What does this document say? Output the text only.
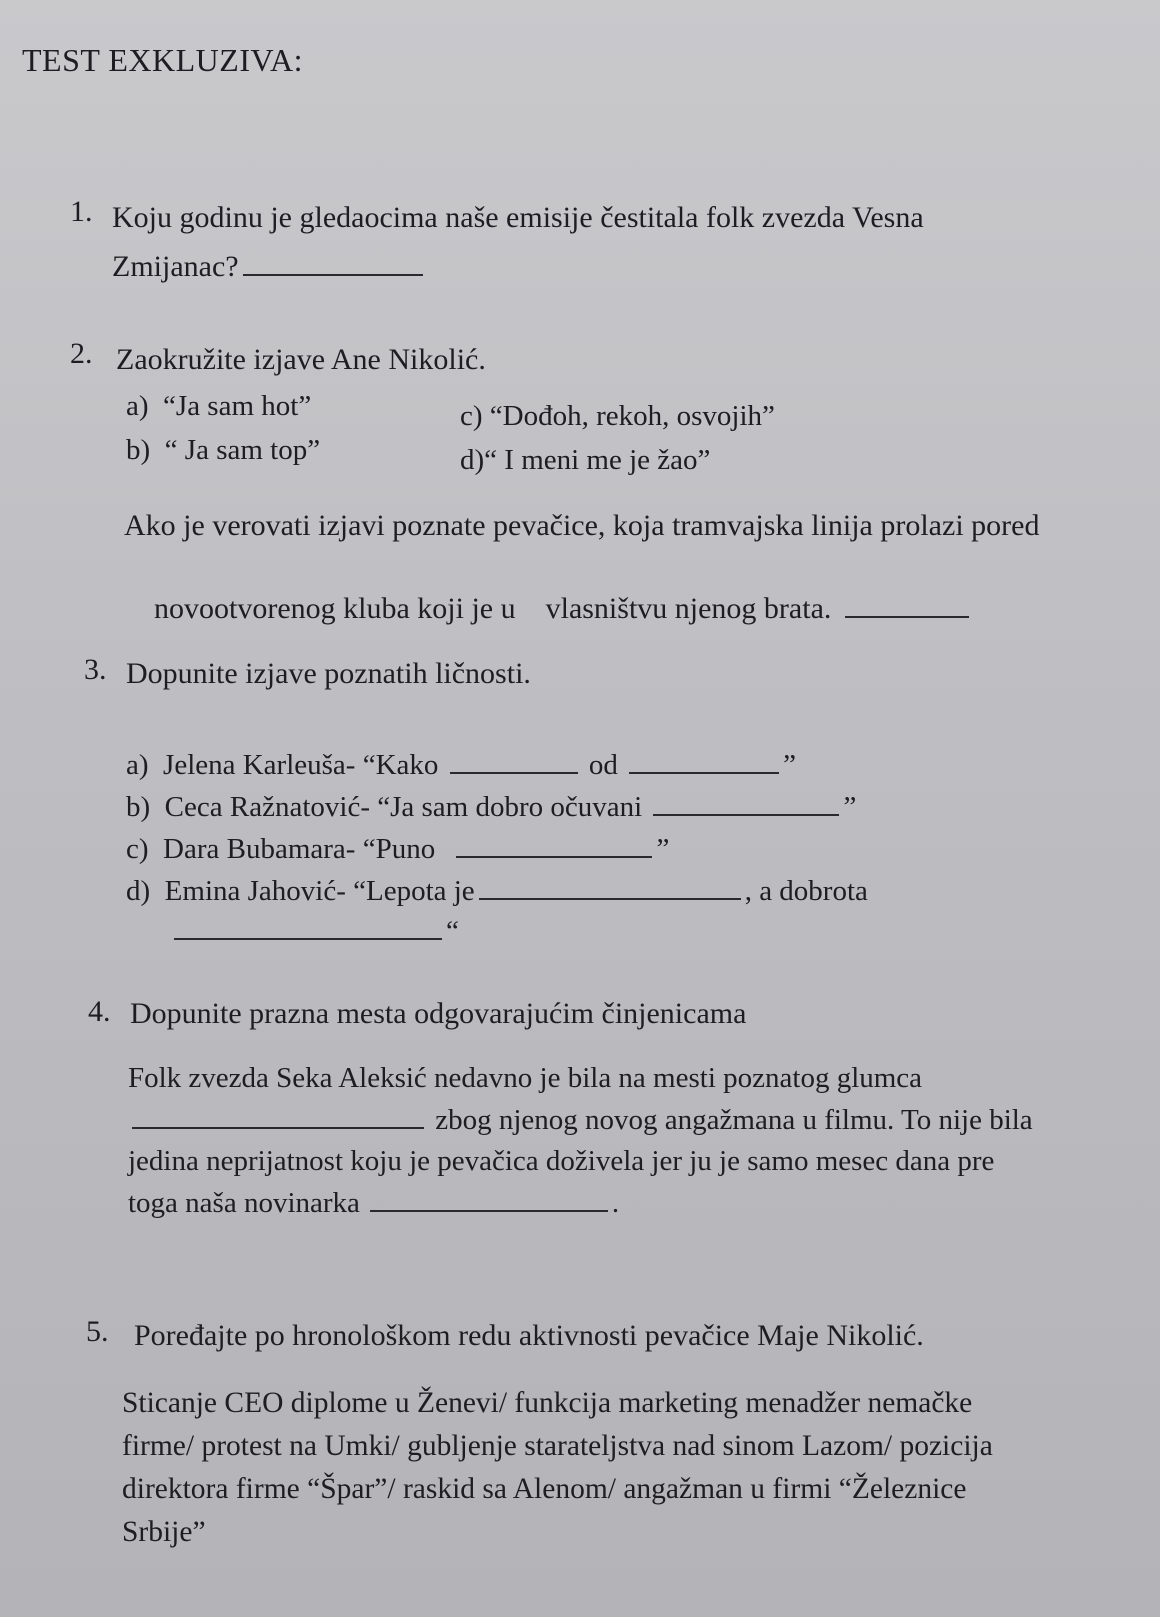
TEST EXKLUZIVA:
1. Koju godinu je gledaocima naše emisije čestitala folk zvezda Vesna
Zmijanac?
2. Zaokružite izjave Ane Nikolić.
a) “Ja sam hot”
b) “ Ja sam top”
c) “Dođoh, rekoh, osvojih”
d)“ I meni me je žao”
Ako je verovati izjavi poznate pevačice, koja tramvajska linija prolazi pored

novootvorenog kluba koji je u    vlasništvu njenog brata.

3. Dopunite izjave poznatih ličnosti.
a) Jelena Karleuša- “Kako	od	”
b) Ceca Ražnatović- “Ja sam dobro očuvani	”
c) Dara Bubamara- “Puno	”
d) Emina Jahović- “Lepota je	, a dobrota
“
4. Dopunite prazna mesta odgovarajućim činjenicama
Folk zvezda Seka Aleksić nedavno je bila na mesti poznatog glumca
zbog njenog novog angažmana u filmu. To nije bila
jedina neprijatnost koju je pevačica doživela jer ju je samo mesec dana pre
toga naša novinarka	.
5. Poređajte po hronološkom redu aktivnosti pevačice Maje Nikolić.
Sticanje CEO diplome u Ženevi/ funkcija marketing menadžer nemačke
firme/ protest na Umki/ gubljenje starateljstva nad sinom Lazom/ pozicija
direktora firme “Špar”/ raskid sa Alenom/ angažman u firmi “Železnice
Srbije”
